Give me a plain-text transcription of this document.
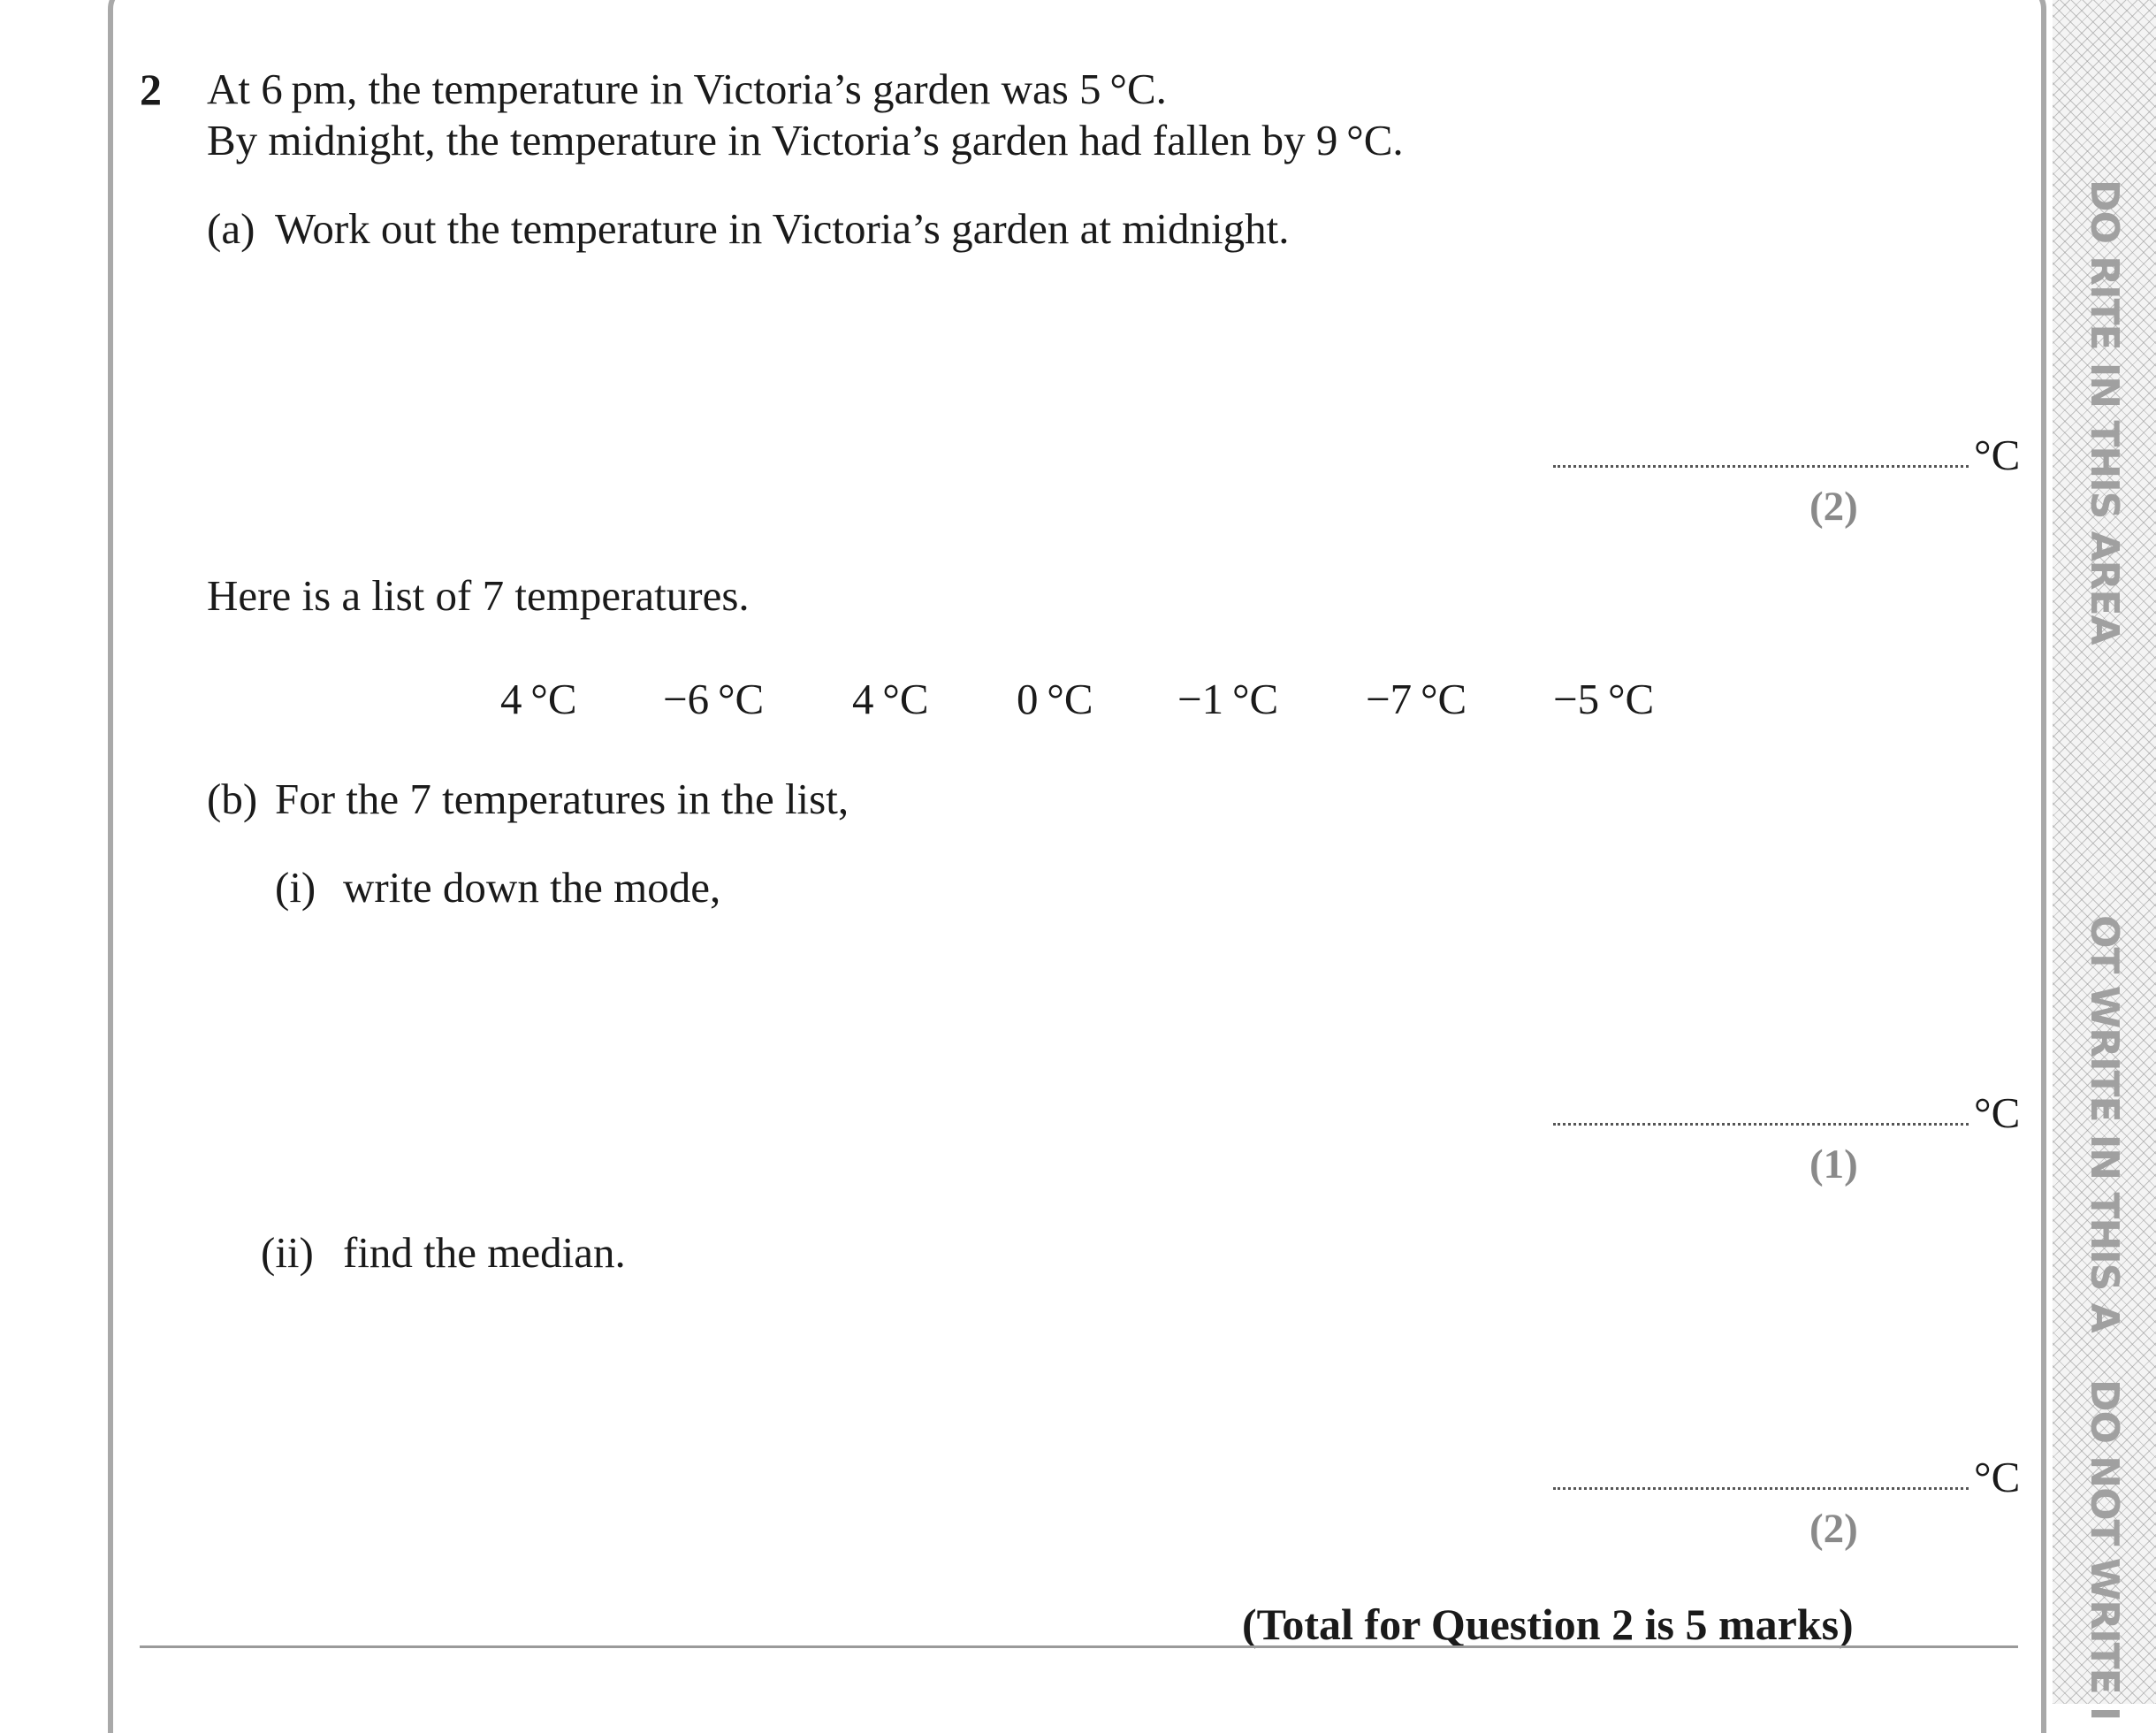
DO RITE IN THIS AREA
OT WRITE IN THIS A
DO NOT WRITE I
2 At 6 pm, the temperature in Victoria’s garden was 5 °C.
By midnight, the temperature in Victoria’s garden had fallen by 9 °C.
(a) Work out the temperature in Victoria’s garden at midnight.
°C
(2)
Here is a list of 7 temperatures.
4 °C −6 °C 4 °C 0 °C −1 °C −7 °C −5 °C
(b) For the 7 temperatures in the list,
(i) write down the mode,
°C
(1)
(ii) find the median.
°C
(2)
(Total for Question 2 is 5 marks)
